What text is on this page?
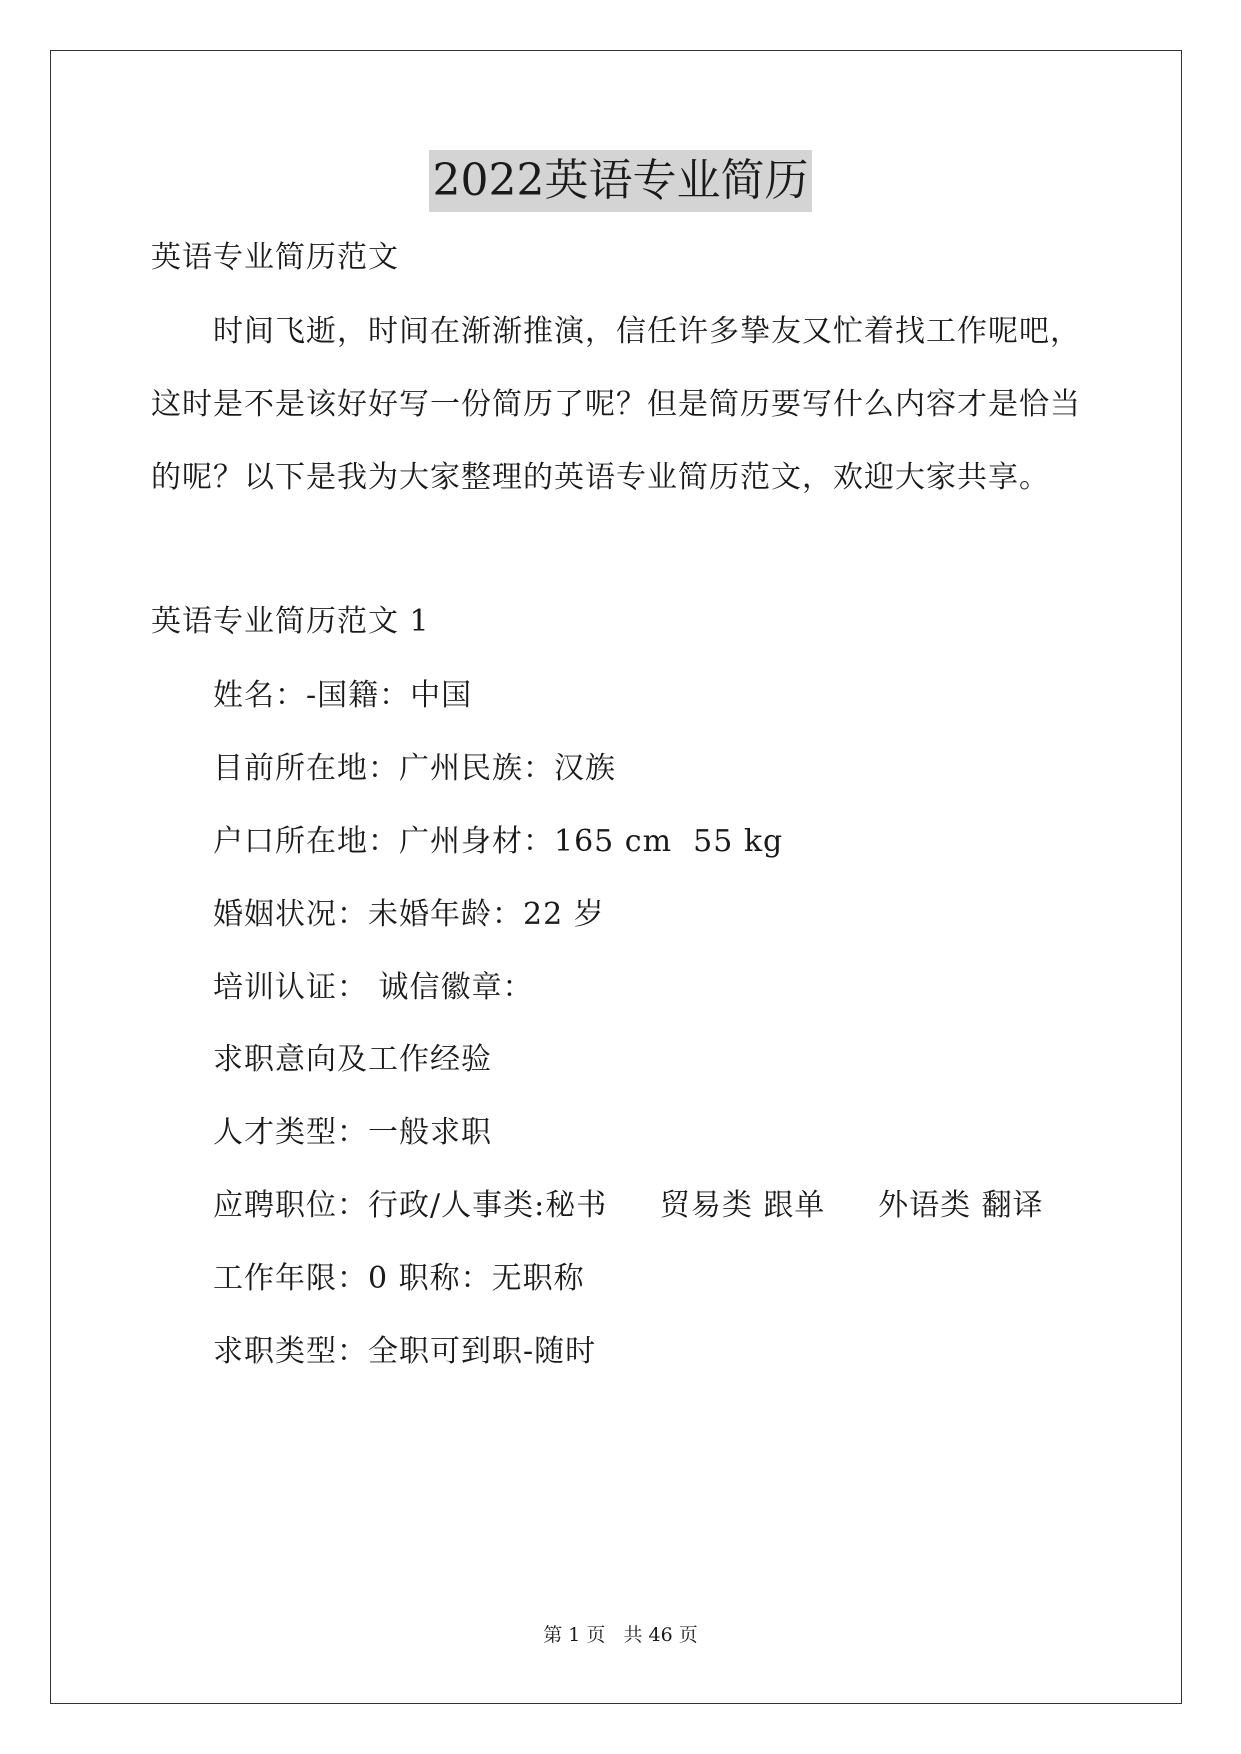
2022英语专业简历
英语专业简历范文
时间飞逝，时间在渐渐推演，信任许多挚友又忙着找工作呢吧，
这时是不是该好好写一份简历了呢？但是简历要写什么内容才是恰当
的呢？以下是我为大家整理的英语专业简历范文，欢迎大家共享。
英语专业简历范文 1
姓名：-国籍：中国
目前所在地：广州民族：汉族
户口所在地：广州身材：165 cm  55 kg
婚姻状况：未婚年龄：22 岁
培训认证： 诚信徽章：
求职意向及工作经验
人才类型：一般求职
应聘职位：行政/人事类:秘书     贸易类 跟单     外语类 翻译
工作年限：0 职称：无职称
求职类型：全职可到职-随时
第 1 页   共 46 页
